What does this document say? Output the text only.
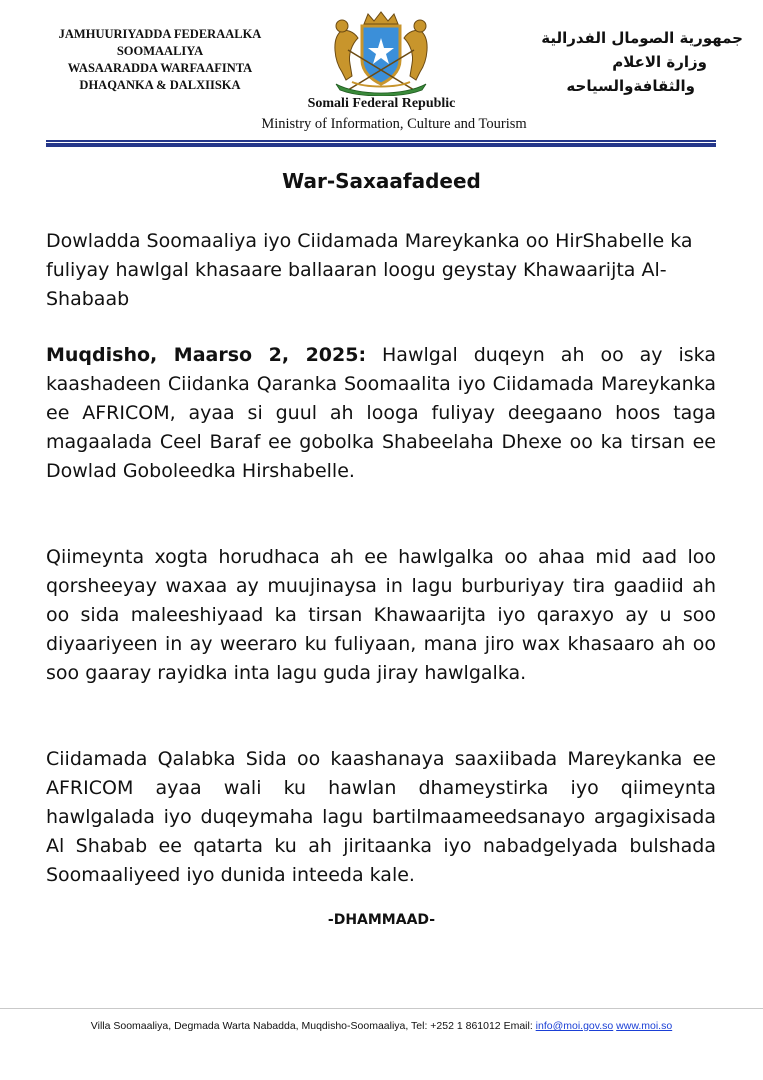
JAMHUURIYADDA FEDERAALKA
SOOMAALIYA
WASAARADDA WARFAAFINTA
DHAQANKA & DALXIISKA
جمهورية الصومال الفدرالية
وزارة الاعلام
والثقافةوالسياحه
Somali Federal Republic
Ministry of Information, Culture and Tourism
War-Saxaafadeed
Dowladda Soomaaliya iyo Ciidamada Mareykanka oo HirShabelle ka fuliyay hawlgal khasaare ballaaran loogu geystay Khawaarijta Al-Shabaab
Muqdisho, Maarso 2, 2025: Hawlgal duqeyn ah oo ay iska kaashadeen Ciidanka Qaranka Soomaalita iyo Ciidamada Mareykanka ee AFRICOM, ayaa si guul ah looga fuliyay deegaano hoos taga magaalada Ceel Baraf ee gobolka Shabeelaha Dhexe oo ka tirsan ee Dowlad Goboleedka Hirshabelle.
Qiimeynta xogta horudhaca ah ee hawlgalka oo ahaa mid aad loo qorsheeyay waxaa ay muujinaysa in lagu burburiyay tira gaadiid ah oo sida maleeshiyaad ka tirsan Khawaarijta iyo qaraxyo ay u soo diyaariyeen in ay weeraro ku fuliyaan, mana jiro wax khasaaro ah oo soo gaaray rayidka inta lagu guda jiray hawlgalka.
Ciidamada Qalabka Sida oo kaashanaya saaxiibada Mareykanka ee AFRICOM ayaa wali ku hawlan dhameystirka iyo qiimeynta hawlgalada iyo duqeymaha lagu bartilmaameedsanayo argagixisada Al Shabab ee qatarta ku ah jiritaanka iyo nabadgelyada bulshada Soomaaliyeed iyo dunida inteeda kale.
-DHAMMAAD-
Villa Soomaaliya, Degmada Warta Nabadda, Muqdisho-Soomaaliya, Tel: +252 1 861012 Email: info@moi.gov.so www.moi.so
